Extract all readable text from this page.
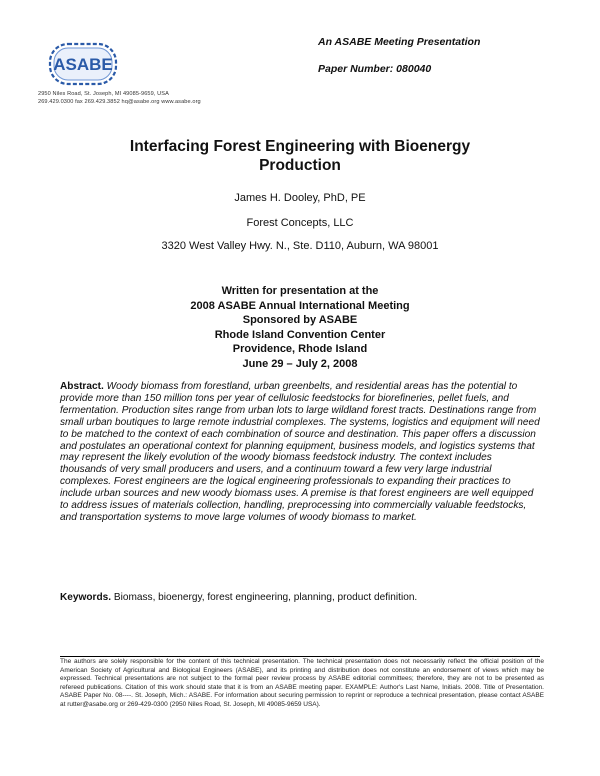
ASABE
2950 Niles Road, St. Joseph, MI 49085-9659, USA
269.429.0300 fax 269.429.3852 hq@asabe.org www.asabe.org
An ASABE Meeting Presentation
Paper Number: 080040
Interfacing Forest Engineering with Bioenergy
Production
James H. Dooley, PhD, PE
Forest Concepts, LLC
3320 West Valley Hwy. N., Ste. D110, Auburn, WA 98001
Written for presentation at the
2008 ASABE Annual International Meeting
Sponsored by ASABE
Rhode Island Convention Center
Providence, Rhode Island
June 29 – July 2, 2008
Abstract. Woody biomass from forestland, urban greenbelts, and residential areas has the potential to provide more than 150 million tons per year of cellulosic feedstocks for biorefineries, pellet fuels, and fermentation. Production sites range from urban lots to large wildland forest tracts. Destinations range from small urban boutiques to large remote industrial complexes. The systems, logistics and equipment will need to be matched to the context of each combination of source and destination. This paper offers a discussion and postulates an operational context for planning equipment, business models, and logistics systems that may represent the likely evolution of the woody biomass feedstock industry. The context includes thousands of very small producers and users, and a continuum toward a few very large industrial complexes. Forest engineers are the logical engineering professionals to expanding their practices to include urban sources and new woody biomass uses. A premise is that forest engineers are well equipped to address issues of materials collection, handling, preprocessing into commercially valuable feedstocks, and transportation systems to move large volumes of woody biomass to market.
Keywords. Biomass, bioenergy, forest engineering, planning, product definition.
The authors are solely responsible for the content of this technical presentation. The technical presentation does not necessarily reflect the official position of the American Society of Agricultural and Biological Engineers (ASABE), and its printing and distribution does not constitute an endorsement of views which may be expressed. Technical presentations are not subject to the formal peer review process by ASABE editorial committees; therefore, they are not to be presented as refereed publications. Citation of this work should state that it is from an ASABE meeting paper. EXAMPLE: Author's Last Name, Initials. 2008. Title of Presentation. ASABE Paper No. 08----. St. Joseph, Mich.: ASABE. For information about securing permission to reprint or reproduce a technical presentation, please contact ASABE at rutter@asabe.org or 269-429-0300 (2950 Niles Road, St. Joseph, MI 49085-9659 USA).
